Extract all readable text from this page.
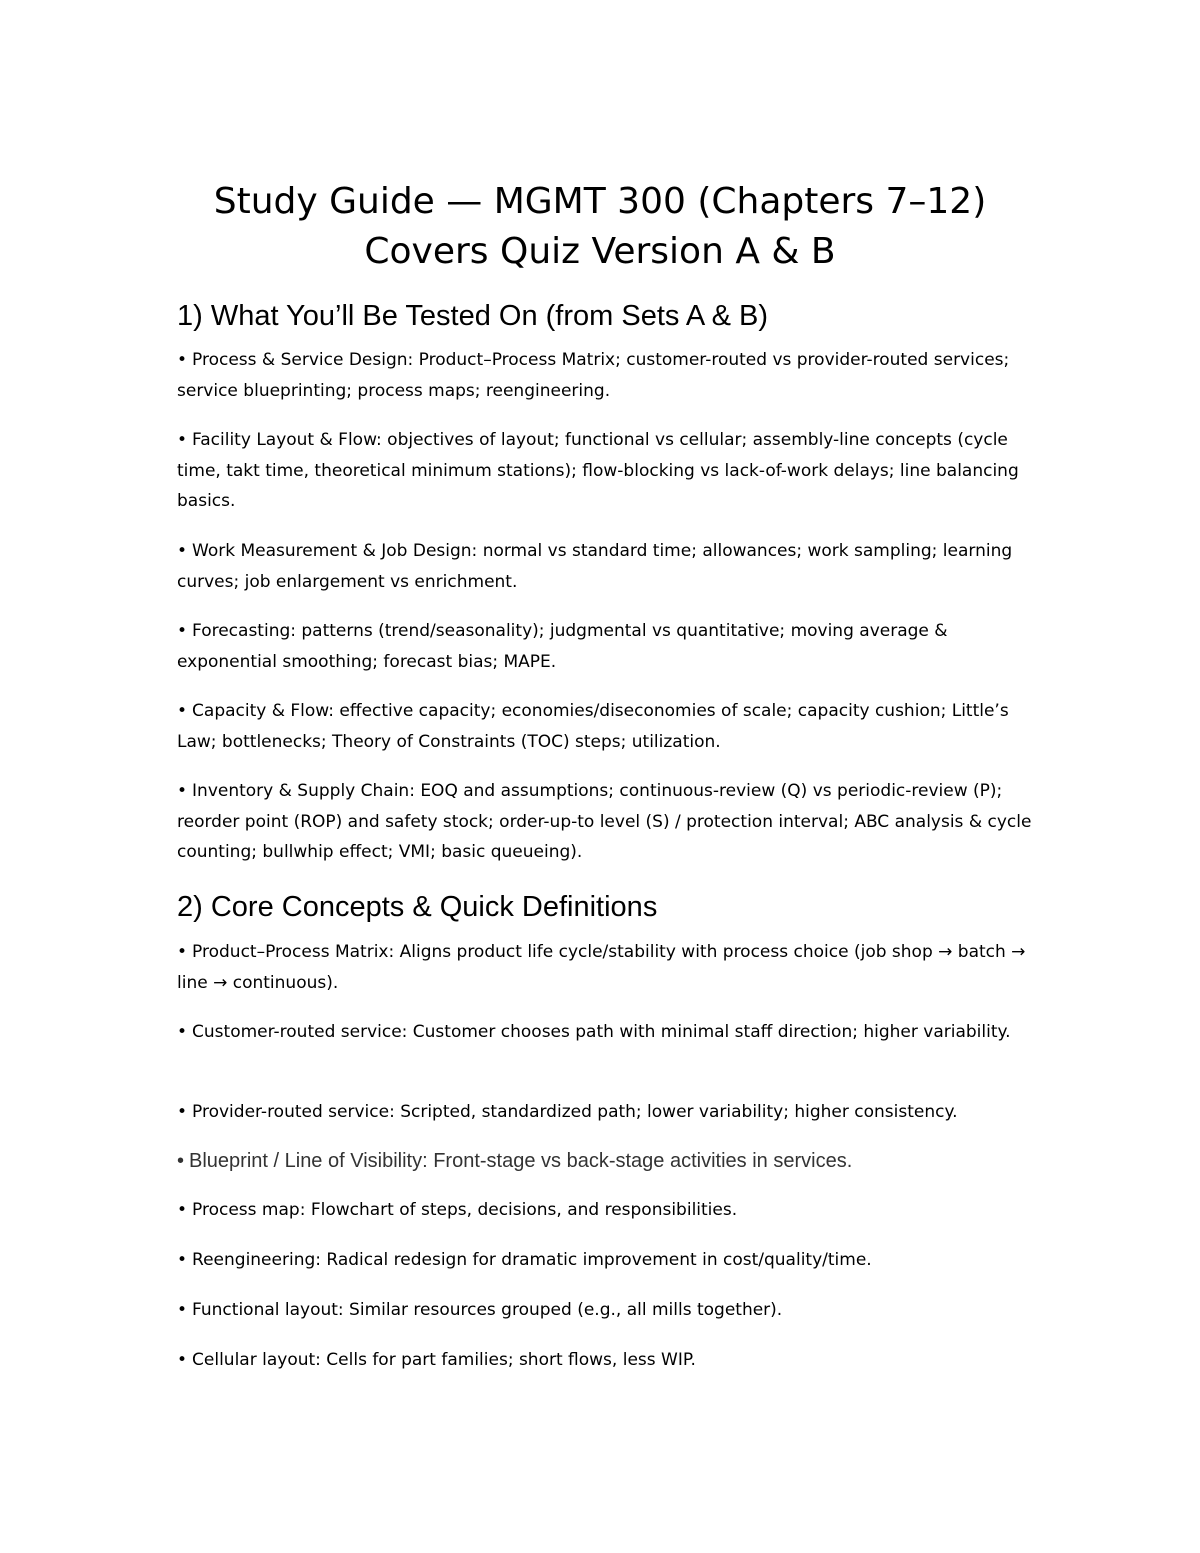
Study Guide — MGMT 300 (Chapters 7–12)
Covers Quiz Version A & B
1) What You’ll Be Tested On (from Sets A & B)

• Process & Service Design: Product–Process Matrix; customer-routed vs provider-routed services; service blueprinting; process maps; reengineering.

• Facility Layout & Flow: objectives of layout; functional vs cellular; assembly-line concepts (cycle time, takt time, theoretical minimum stations); flow-blocking vs lack-of-work delays; line balancing basics.

• Work Measurement & Job Design: normal vs standard time; allowances; work sampling; learning curves; job enlargement vs enrichment.

• Forecasting: patterns (trend/seasonality); judgmental vs quantitative; moving average & exponential smoothing; forecast bias; MAPE.

• Capacity & Flow: effective capacity; economies/diseconomies of scale; capacity cushion; Little’s Law; bottlenecks; Theory of Constraints (TOC) steps; utilization.

• Inventory & Supply Chain: EOQ and assumptions; continuous-review (Q) vs periodic-review (P); reorder point (ROP) and safety stock; order-up-to level (S) / protection interval; ABC analysis & cycle counting; bullwhip effect; VMI; basic queueing).

2) Core Concepts & Quick Definitions

• Product–Process Matrix: Aligns product life cycle/stability with process choice (job shop → batch → line → continuous).

• Customer-routed service: Customer chooses path with minimal staff direction; higher variability.

• Provider-routed service: Scripted, standardized path; lower variability; higher consistency.

• Blueprint / Line of Visibility: Front-stage vs back-stage activities in services.

• Process map: Flowchart of steps, decisions, and responsibilities.

• Reengineering: Radical redesign for dramatic improvement in cost/quality/time.

• Functional layout: Similar resources grouped (e.g., all mills together).

• Cellular layout: Cells for part families; short flows, less WIP.
